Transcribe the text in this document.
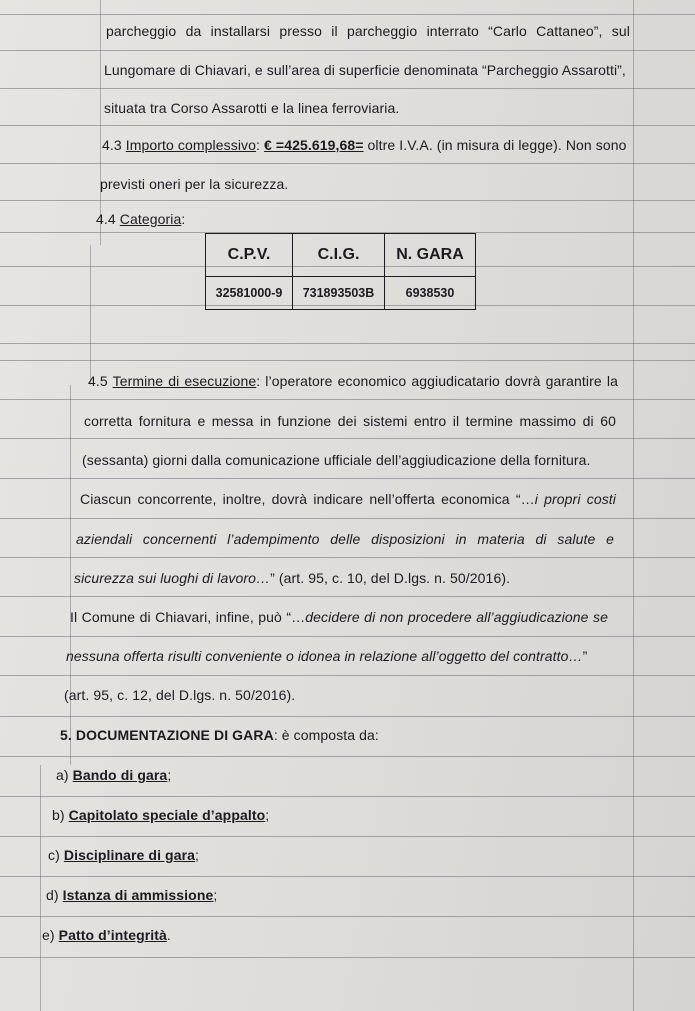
parcheggio da installarsi presso il parcheggio interrato “Carlo Cattaneo”, sul
Lungomare di Chiavari, e sull’area di superficie denominata “Parcheggio Assarotti”,
situata tra Corso Assarotti e la linea ferroviaria.
4.3 Importo complessivo: € =425.619,68= oltre I.V.A. (in misura di legge). Non sono
previsti oneri per la sicurezza.
4.4 Categoria:
C.P.V.	C.I.G.	N. GARA
32581000-9	731893503B	6938530
4.5 Termine di esecuzione: l’operatore economico aggiudicatario dovrà garantire la
corretta fornitura e messa in funzione dei sistemi entro il termine massimo di 60
(sessanta) giorni dalla comunicazione ufficiale dell’aggiudicazione della fornitura.
Ciascun concorrente, inoltre, dovrà indicare nell’offerta economica “…i propri costi
aziendali concernenti l’adempimento delle disposizioni in materia di salute e
sicurezza sui luoghi di lavoro…” (art. 95, c. 10, del D.lgs. n. 50/2016).
Il Comune di Chiavari, infine, può “…decidere di non procedere all’aggiudicazione se
nessuna offerta risulti conveniente o idonea in relazione all’oggetto del contratto…”
(art. 95, c. 12, del D.lgs. n. 50/2016).
5. DOCUMENTAZIONE DI GARA: è composta da:
a) Bando di gara;
b) Capitolato speciale d’appalto;
c) Disciplinare di gara;
d) Istanza di ammissione;
e) Patto d’integrità.
